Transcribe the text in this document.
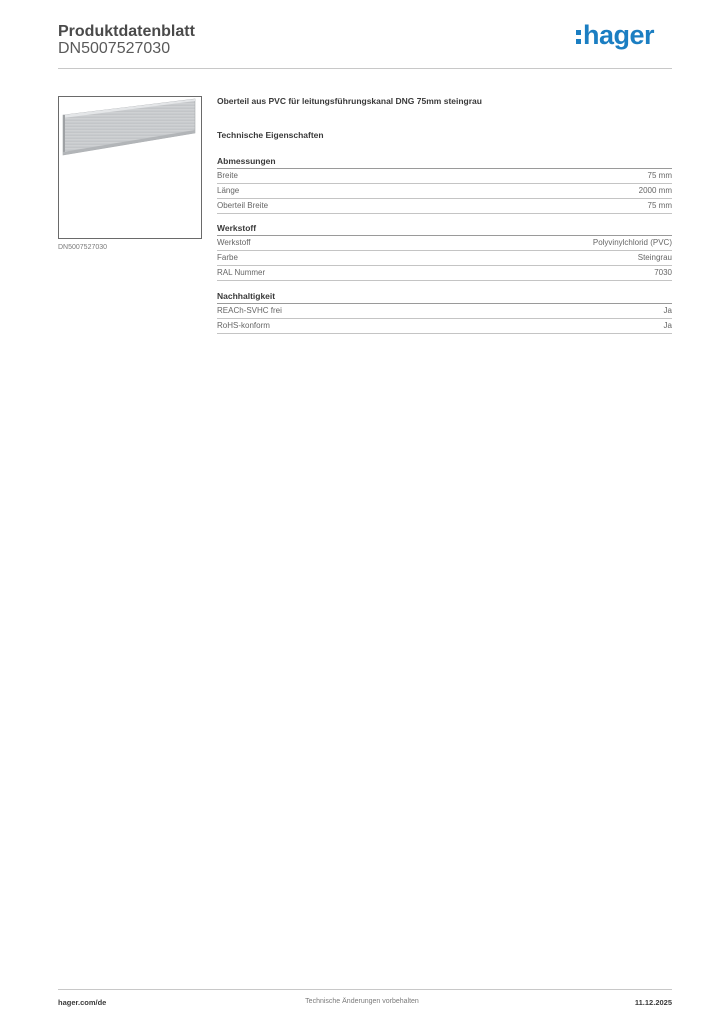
Produktdatenblatt
DN5007527030	hager
DN5007527030
Oberteil aus PVC für leitungsführungskanal DNG 75mm steingrau
Technische Eigenschaften
Abmessungen
Breite	75 mm
Länge	2000 mm
Oberteil Breite	75 mm
Werkstoff
Werkstoff	Polyvinylchlorid (PVC)
Farbe	Steingrau
RAL Nummer	7030
Nachhaltigkeit
REACh-SVHC frei	Ja
RoHS-konform	Ja
hager.com/de	Technische Änderungen vorbehalten	11.12.2025
